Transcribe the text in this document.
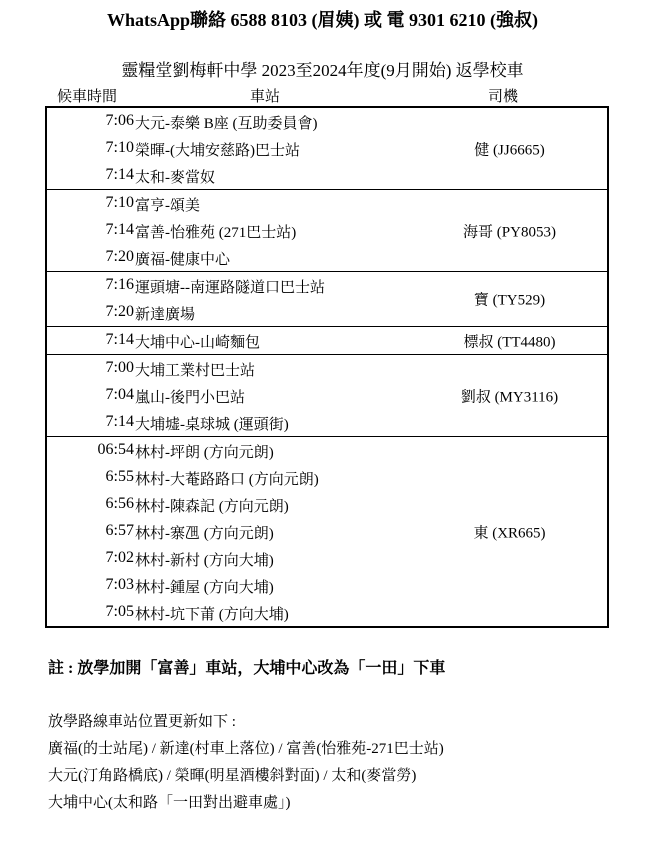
WhatsApp聯絡 6588 8103 (眉姨) 或 電 9301 6210 (強叔)
靈糧堂劉梅軒中學 2023至2024年度(9月開始) 返學校車
候車時間	車站	司機
7:06 大元-泰樂 B座 (互助委員會)
7:10 榮暉-(大埔安慈路)巴士站
7:14 太和-麥當奴
健 (JJ6665)
7:10 富亨-頌美
7:14 富善-怡雅苑 (271巴士站)
7:20 廣福-健康中心
海哥 (PY8053)
7:16 運頭塘--南運路隧道口巴士站
7:20 新達廣場
寶 (TY529)
7:14 大埔中心-山崎麵包	標叔 (TT4480)
7:00 大埔工業村巴士站
7:04 嵐山-後門小巴站
7:14 大埔墟-桌球城 (運頭街)
劉叔 (MY3116)
06:54 林村-坪朗 (方向元朗)
6:55 林村-大菴路路口 (方向元朗)
6:56 林村-陳森記 (方向元朗)
6:57 林村-寨乪 (方向元朗)
7:02 林村-新村 (方向大埔)
7:03 林村-鍾屋 (方向大埔)
7:05 林村-坑下莆 (方向大埔)
東 (XR665)
註 : 放學加開「富善」車站，大埔中心改為「一田」下車
放學路線車站位置更新如下 :
廣福(的士站尾) / 新達(村車上落位) / 富善(怡雅苑-271巴士站)
大元(汀角路橋底) / 榮暉(明星酒樓斜對面) / 太和(麥當勞)
大埔中心(太和路「一田對出避車處」)
